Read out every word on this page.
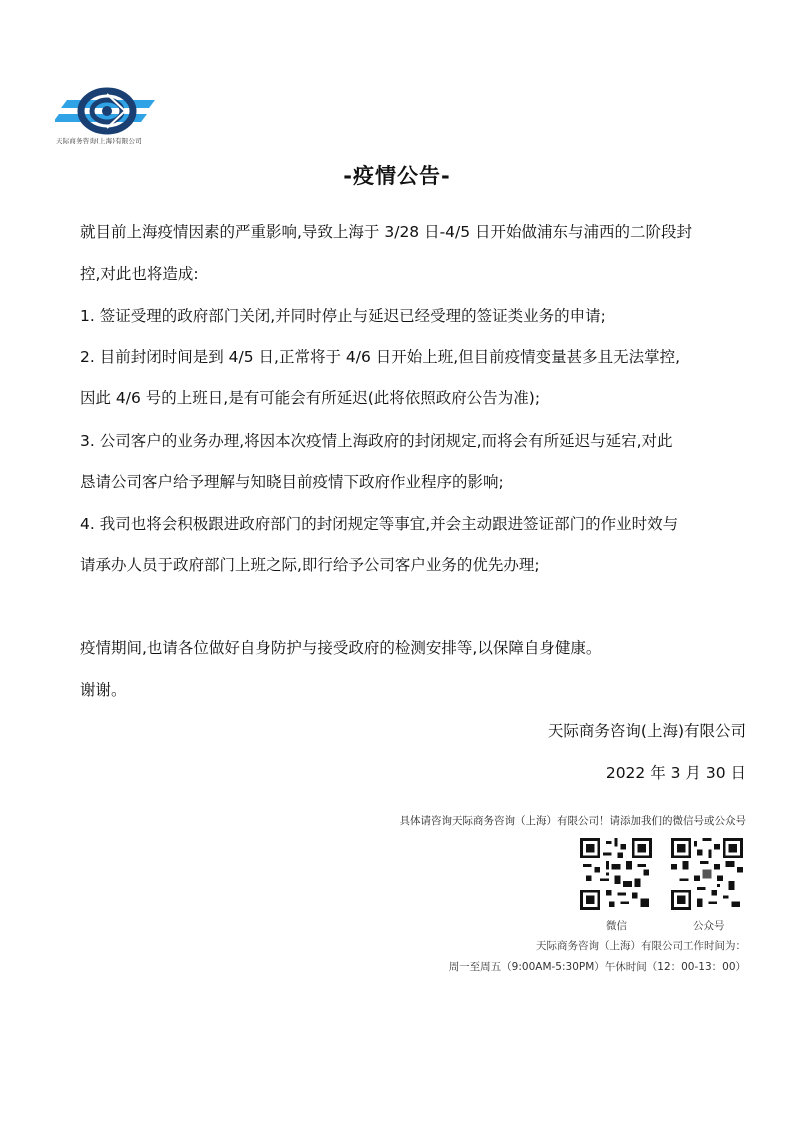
天际商务咨询(上海)有限公司
-疫情公告-
就目前上海疫情因素的严重影响,导致上海于 3/28 日-4/5 日开始做浦东与浦西的二阶段封
控,对此也将造成:
1. 签证受理的政府部门关闭,并同时停止与延迟已经受理的签证类业务的申请;
2. 目前封闭时间是到 4/5 日,正常将于 4/6 日开始上班,但目前疫情变量甚多且无法掌控,
因此 4/6 号的上班日,是有可能会有所延迟(此将依照政府公告为准);
3. 公司客户的业务办理,将因本次疫情上海政府的封闭规定,而将会有所延迟与延宕,对此
恳请公司客户给予理解与知晓目前疫情下政府作业程序的影响;
4. 我司也将会积极跟进政府部门的封闭规定等事宜,并会主动跟进签证部门的作业时效与
请承办人员于政府部门上班之际,即行给予公司客户业务的优先办理;
疫情期间,也请各位做好自身防护与接受政府的检测安排等,以保障自身健康。
谢谢。
天际商务咨询(上海)有限公司
2022 年 3 月 30 日
具体请咨询天际商务咨询（上海）有限公司！请添加我们的微信号或公众号
微信	公众号
天际商务咨询（上海）有限公司工作时间为：
周一至周五（9:00AM-5:30PM）午休时间（12：00-13：00）
